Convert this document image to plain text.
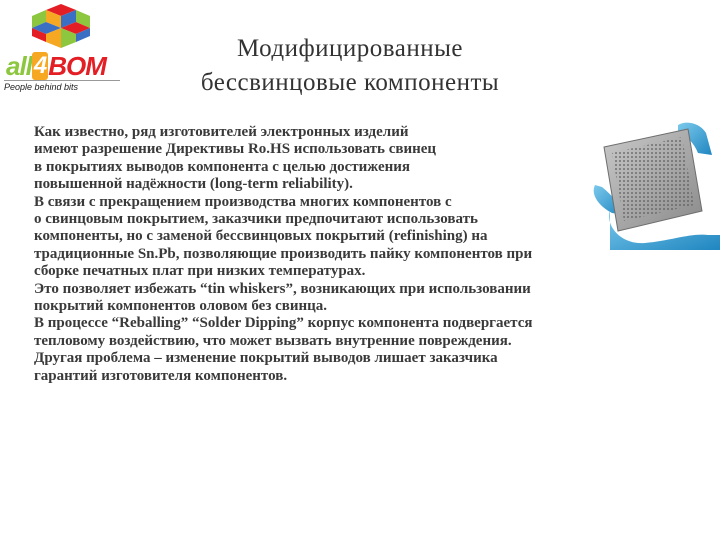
all 4 BOM
People behind bits
Модифицированные
бессвинцовые компоненты

Как известно, ряд изготовителей электронных изделий
имеют разрешение Директивы Ro.HS использовать свинец
в покрытиях выводов компонента с целью достижения
повышенной надёжности (long-term reliability).
В связи с прекращением производства многих компонентов с
о свинцовым покрытием, заказчики предпочитают использовать
компоненты, но с заменой бессвинцовых покрытий (refinishing) на
традиционные Sn.Pb, позволяющие производить пайку компонентов при
сборке печатных плат при низких температурах.
Это позволяет избежать “tin whiskers”, возникающих при использовании
покрытий компонентов оловом без свинца.
В процессе “Reballing” “Solder Dipping” корпус компонента подвергается
тепловому воздействию, что может вызвать внутренние повреждения.
Другая проблема – изменение покрытий выводов лишает заказчика
гарантий изготовителя компонентов.
